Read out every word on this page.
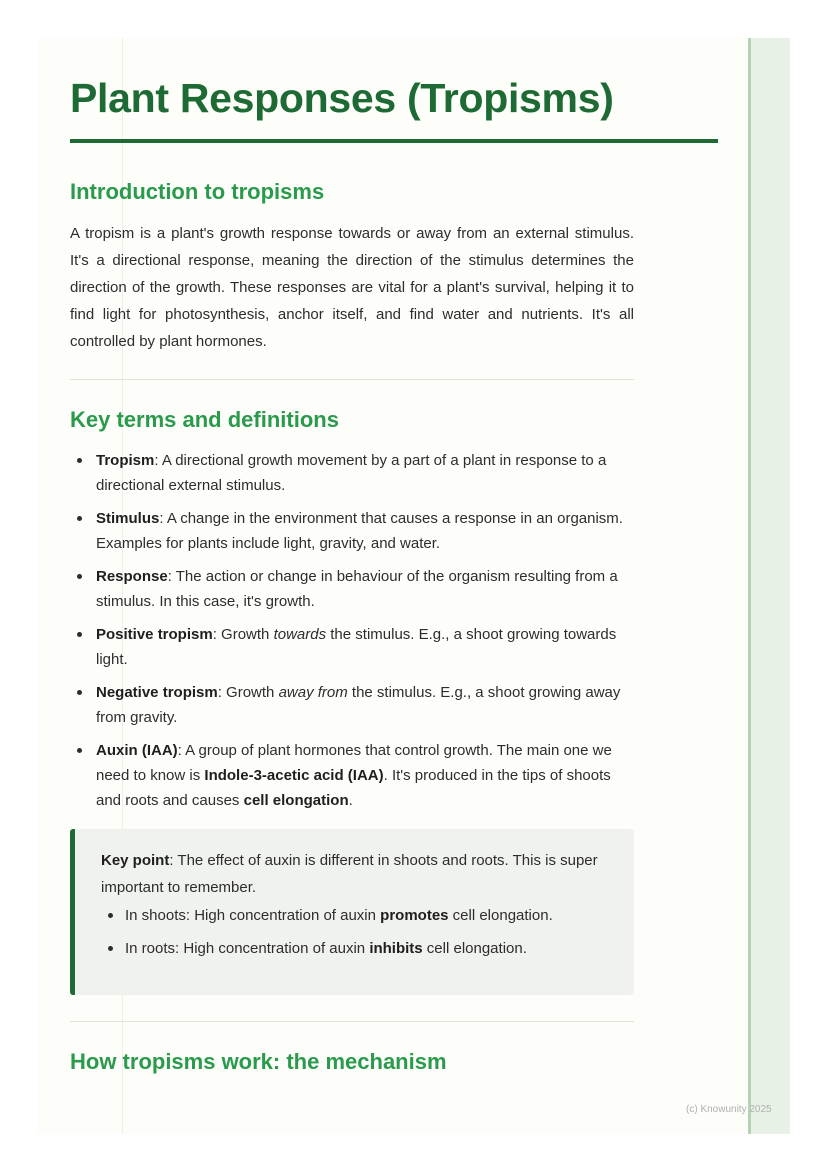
Plant Responses (Tropisms)
Introduction to tropisms

A tropism is a plant's growth response towards or away from an external stimulus. It's a directional response, meaning the direction of the stimulus determines the direction of the growth. These responses are vital for a plant's survival, helping it to find light for photosynthesis, anchor itself, and find water and nutrients. It's all controlled by plant hormones.

Key terms and definitions
Tropism: A directional growth movement by a part of a plant in response to a directional external stimulus.
Stimulus: A change in the environment that causes a response in an organism. Examples for plants include light, gravity, and water.
Response: The action or change in behaviour of the organism resulting from a stimulus. In this case, it's growth.
Positive tropism: Growth towards the stimulus. E.g., a shoot growing towards light.
Negative tropism: Growth away from the stimulus. E.g., a shoot growing away from gravity.
Auxin (IAA): A group of plant hormones that control growth. The main one we need to know is Indole-3-acetic acid (IAA). It's produced in the tips of shoots and roots and causes cell elongation.
Key point: The effect of auxin is different in shoots and roots. This is super important to remember.
In shoots: High concentration of auxin promotes cell elongation.
In roots: High concentration of auxin inhibits cell elongation.
How tropisms work: the mechanism
(c) Knowunity 2025
